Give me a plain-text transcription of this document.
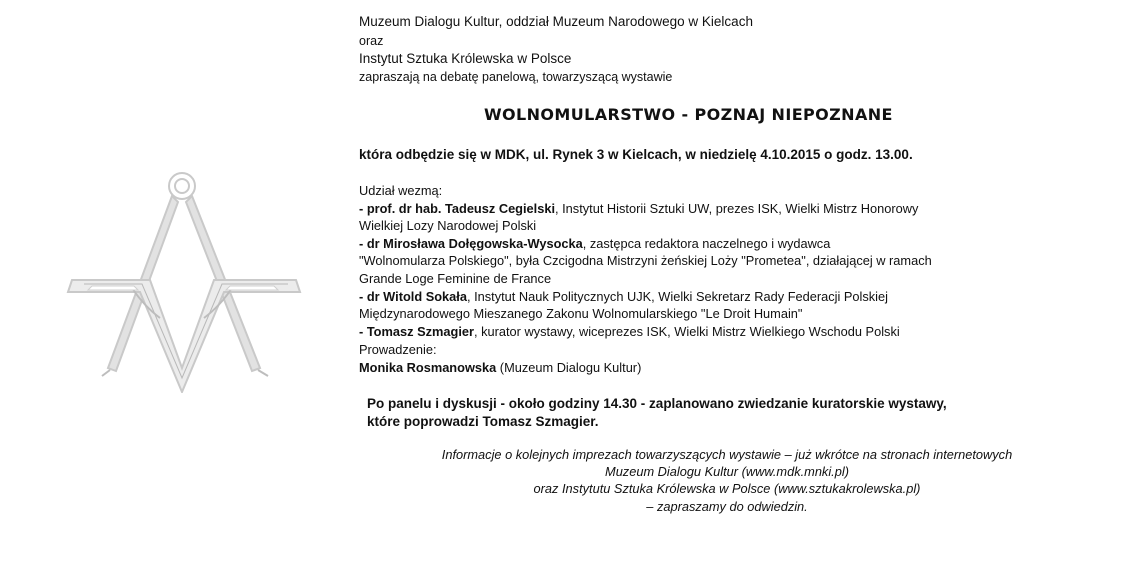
Muzeum Dialogu Kultur, oddział Muzeum Narodowego w Kielcach
oraz
Instytut Sztuka Królewska w Polsce
zapraszają na debatę panelową, towarzyszącą wystawie
WOLNOMULARSTWO - POZNAJ NIEPOZNANE
która odbędzie się w MDK, ul. Rynek 3 w Kielcach, w niedzielę 4.10.2015 o godz. 13.00.
Udział wezmą:
- prof. dr hab. Tadeusz Cegielski, Instytut Historii Sztuki UW, prezes ISK, Wielki Mistrz Honorowy
Wielkiej Lozy Narodowej Polski
- dr Mirosława Dołęgowska-Wysocka, zastępca redaktora naczelnego i wydawca
"Wolnomularza Polskiego", była Czcigodna Mistrzyni żeńskiej Loży "Prometea", działającej w ramach
Grande Loge Feminine de France
- dr Witold Sokała, Instytut Nauk Politycznych UJK, Wielki Sekretarz Rady Federacji Polskiej
Międzynarodowego Mieszanego Zakonu Wolnomularskiego "Le Droit Humain"
- Tomasz Szmagier, kurator wystawy, wiceprezes ISK, Wielki Mistrz Wielkiego Wschodu Polski
Prowadzenie:
Monika Rosmanowska (Muzeum Dialogu Kultur)
Po panelu i dyskusji - około godziny 14.30 - zaplanowano zwiedzanie kuratorskie wystawy,
które poprowadzi Tomasz Szmagier.
Informacje o kolejnych imprezach towarzyszących wystawie – już wkrótce na stronach internetowych
Muzeum Dialogu Kultur (www.mdk.mnki.pl)
oraz Instytutu Sztuka Królewska w Polsce (www.sztukakrolewska.pl)
– zapraszamy do odwiedzin.
